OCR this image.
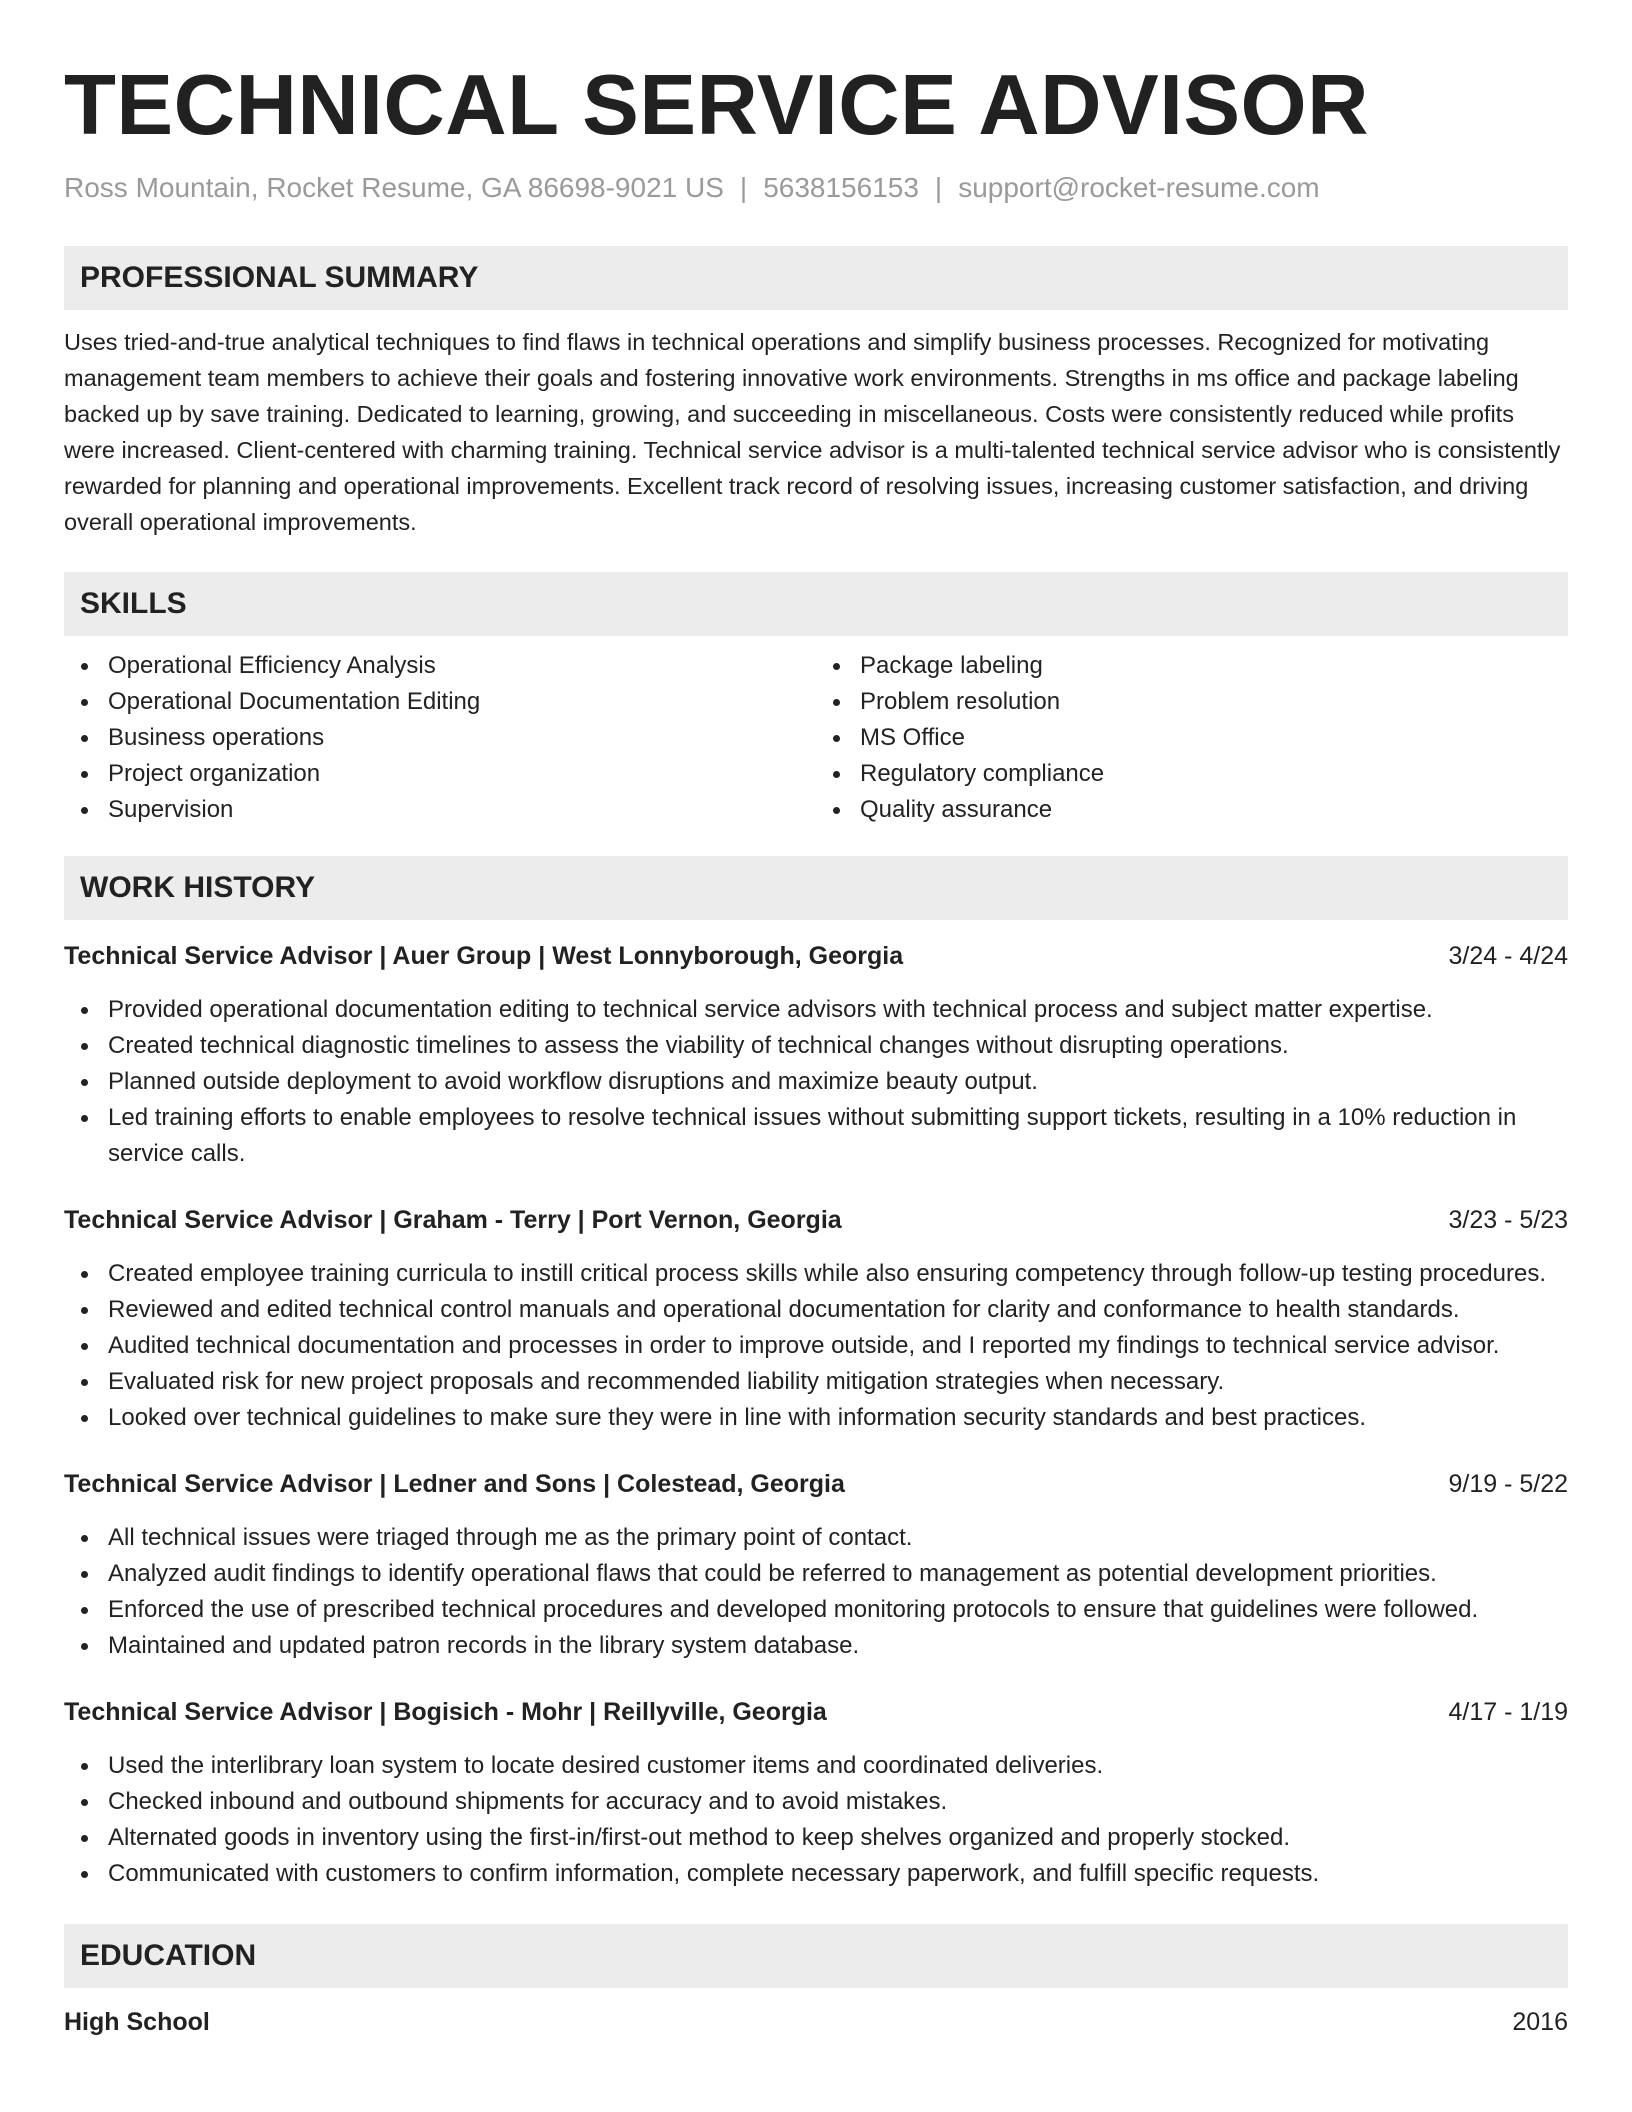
TECHNICAL SERVICE ADVISOR
Ross Mountain, Rocket Resume, GA 86698-9021 US | 5638156153 | support@rocket-resume.com
PROFESSIONAL SUMMARY

Uses tried-and-true analytical techniques to find flaws in technical operations and simplify business processes. Recognized for motivating management team members to achieve their goals and fostering innovative work environments. Strengths in ms office and package labeling backed up by save training. Dedicated to learning, growing, and succeeding in miscellaneous. Costs were consistently reduced while profits were increased. Client-centered with charming training. Technical service advisor is a multi-talented technical service advisor who is consistently rewarded for planning and operational improvements. Excellent track record of resolving issues, increasing customer satisfaction, and driving overall operational improvements.

SKILLS
Operational Efficiency Analysis
Operational Documentation Editing
Business operations
Project organization
Supervision
Package labeling
Problem resolution
MS Office
Regulatory compliance
Quality assurance
WORK HISTORY
Technical Service Advisor | Auer Group | West Lonnyborough, Georgia	3/24 - 4/24
Provided operational documentation editing to technical service advisors with technical process and subject matter expertise.
Created technical diagnostic timelines to assess the viability of technical changes without disrupting operations.
Planned outside deployment to avoid workflow disruptions and maximize beauty output.
Led training efforts to enable employees to resolve technical issues without submitting support tickets, resulting in a 10% reduction in service calls.
Technical Service Advisor | Graham - Terry | Port Vernon, Georgia	3/23 - 5/23
Created employee training curricula to instill critical process skills while also ensuring competency through follow-up testing procedures.
Reviewed and edited technical control manuals and operational documentation for clarity and conformance to health standards.
Audited technical documentation and processes in order to improve outside, and I reported my findings to technical service advisor.
Evaluated risk for new project proposals and recommended liability mitigation strategies when necessary.
Looked over technical guidelines to make sure they were in line with information security standards and best practices.
Technical Service Advisor | Ledner and Sons | Colestead, Georgia	9/19 - 5/22
All technical issues were triaged through me as the primary point of contact.
Analyzed audit findings to identify operational flaws that could be referred to management as potential development priorities.
Enforced the use of prescribed technical procedures and developed monitoring protocols to ensure that guidelines were followed.
Maintained and updated patron records in the library system database.
Technical Service Advisor | Bogisich - Mohr | Reillyville, Georgia	4/17 - 1/19
Used the interlibrary loan system to locate desired customer items and coordinated deliveries.
Checked inbound and outbound shipments for accuracy and to avoid mistakes.
Alternated goods in inventory using the first-in/first-out method to keep shelves organized and properly stocked.
Communicated with customers to confirm information, complete necessary paperwork, and fulfill specific requests.
EDUCATION
High School	2016
